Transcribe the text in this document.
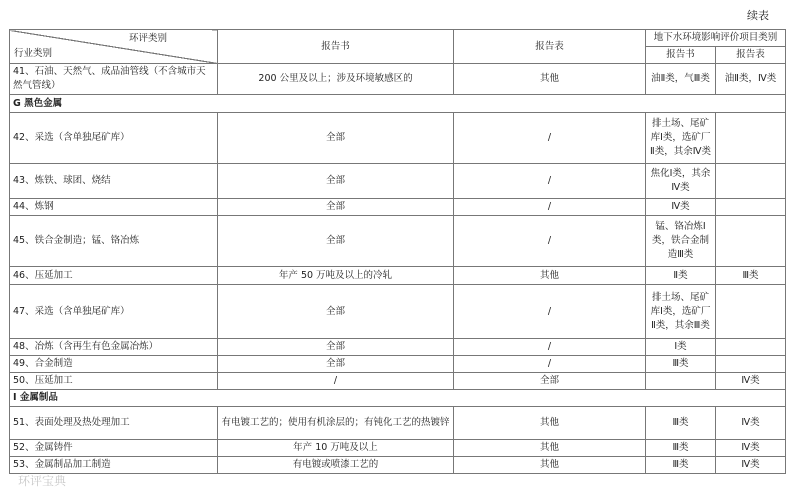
续表
环评类别
行业类别	报告书	报告表	地下水环境影响评价项目类别	
			报告书	报告表
41、石油、天然气、成品油管线（不含城市天然气管线）	200 公里及以上；涉及环境敏感区的	其他	油Ⅱ类，气Ⅲ类	油Ⅱ类，Ⅳ类
G 黑色金属				
42、采选（含单独尾矿库）	全部	/	排土场、尾矿库Ⅰ类，选矿厂Ⅱ类，其余Ⅳ类	
43、炼铁、球团、烧结	全部	/	焦化Ⅰ类，其余Ⅳ类	
44、炼钢	全部	/	Ⅳ类	
45、铁合金制造；锰、铬冶炼	全部	/	锰、铬冶炼Ⅰ类，铁合金制造Ⅲ类	
46、压延加工	年产 50 万吨及以上的冷轧	其他	Ⅱ类	Ⅲ类
47、采选（含单独尾矿库）	全部	/	排土场、尾矿库Ⅰ类，选矿厂Ⅱ类，其余Ⅲ类	
48、冶炼（含再生有色金属冶炼）	全部	/	Ⅰ类	
49、合金制造	全部	/	Ⅲ类	
50、压延加工	/	全部		Ⅳ类
I 金属制品				
51、表面处理及热处理加工	有电镀工艺的；使用有机涂层的；有钝化工艺的热镀锌	其他	Ⅲ类	Ⅳ类
52、金属铸件	年产 10 万吨及以上	其他	Ⅲ类	Ⅳ类
53、金属制品加工制造	有电镀或喷漆工艺的	其他	Ⅲ类	Ⅳ类
环评宝典
